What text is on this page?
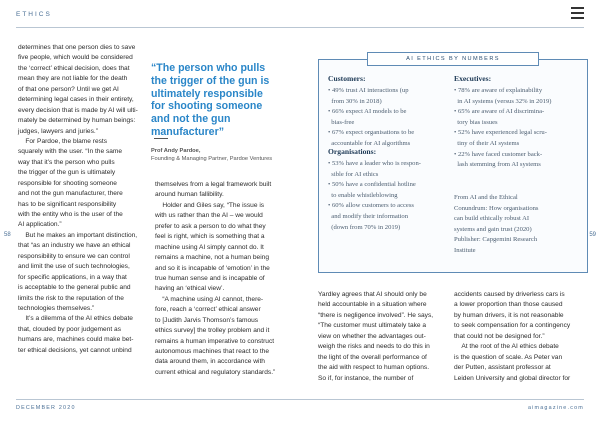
ETHICS
58	59
determines that one person dies to save
five people, which would be considered
the ‘correct’ ethical decision, does that
mean they are not liable for the death
of that one person? Until we get AI
determining legal cases in their entirety,
every decision that is made by AI will ulti-
mately be determined by human beings:
judges, lawyers and juries.”
For Pardoe, the blame rests
squarely with the user. “In the same
way that it’s the person who pulls
the trigger of the gun is ultimately
responsible for shooting someone
and not the gun manufacturer, there
has to be significant responsibility
with the entity who is the user of the
AI application.”
But he makes an important distinction,
that “as an industry we have an ethical
responsibility to ensure we can control
and limit the use of such technologies,
for specific applications, in a way that
is acceptable to the general public and
limits the risk to the reputation of the
technologies themselves.”
It’s a dilemma of the AI ethics debate
that, clouded by poor judgement as
humans are, machines could make bet-
ter ethical decisions, yet cannot unbind
“The person who pulls
the trigger of the gun is
ultimately responsible
for shooting someone
and not the gun
manufacturer”
Prof Andy Pardoe,
Founding & Managing Partner, Pardoe Ventures
themselves from a legal framework built
around human fallibility.
Holder and Giles say, “The issue is
with us rather than the AI – we would
prefer to ask a person to do what they
feel is right, which is something that a
machine using AI simply cannot do. It
remains a machine, not a human being
and so it is incapable of ‘emotion’ in the
true human sense and is incapable of
having an ‘ethical view’.
“A machine using AI cannot, there-
fore, reach a ‘correct’ ethical answer
to [Judith Jarvis Thomson’s famous
ethics survey] the trolley problem and it
remains a human imperative to construct
autonomous machines that react to the
data around them, in accordance with
current ethical and regulatory standards.”
AI ETHICS BY NUMBERS
Customers:
• 49% trust AI interactions (up
from 30% in 2018)
• 66% expect AI models to be
bias-free
• 67% expect organisations to be
accountable for AI algorithms
Organisations:
• 53% have a leader who is respon-
sible for AI ethics
• 50% have a confidential hotline
to enable whistleblowing
• 60% allow customers to access
and modify their information
(down from 70% in 2019)
Executives:
• 78% are aware of explainability
in AI systems (versus 32% in 2019)
• 65% are aware of AI discrimina-
tory bias issues
• 52% have experienced legal scru-
tiny of their AI systems
• 22% have faced customer back-
lash stemming from AI systems
From AI and the Ethical
Conundrum: How organisations
can build ethically robust AI
systems and gain trust (2020)
Publisher: Capgemini Research
Institute
Yardley agrees that AI should only be
held accountable in a situation where
“there is negligence involved”. He says,
“The customer must ultimately take a
view on whether the advantages out-
weigh the risks and needs to do this in
the light of the overall performance of
the aid with respect to human options.
So if, for instance, the number of
accidents caused by driverless cars is
a lower proportion than those caused
by human drivers, it is not reasonable
to seek compensation for a contingency
that could not be designed for.”
At the root of the AI ethics debate
is the question of scale. As Peter van
der Putten, assistant professor at
Leiden University and global director for
DECEMBER 2020	aimagazine.com
